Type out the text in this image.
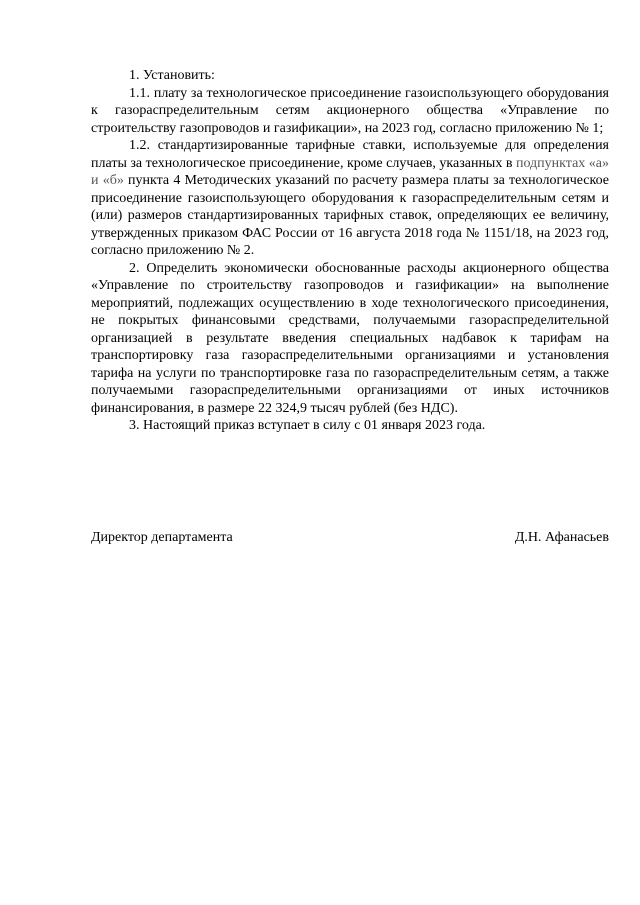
1. Установить:

1.1. плату за технологическое присоединение газоиспользующего оборудования к газораспределительным сетям акционерного общества «Управление по строительству газопроводов и газификации», на 2023 год, согласно приложению № 1;

1.2. стандартизированные тарифные ставки, используемые для определения платы за технологическое присоединение, кроме случаев, указанных в подпунктах «а» и «б» пункта 4 Методических указаний по расчету размера платы за технологическое присоединение газоиспользующего оборудования к газораспределительным сетям и (или) размеров стандартизированных тарифных ставок, определяющих ее величину, утвержденных приказом ФАС России от 16 августа 2018 года № 1151/18, на 2023 год, согласно приложению № 2.

2. Определить экономически обоснованные расходы акционерного общества «Управление по строительству газопроводов и газификации» на выполнение мероприятий, подлежащих осуществлению в ходе технологического присоединения, не покрытых финансовыми средствами, получаемыми газораспределительной организацией в результате введения специальных надбавок к тарифам на транспортировку газа газораспределительными организациями и установления тарифа на услуги по транспортировке газа по газораспределительным сетям, а также получаемыми газораспределительными организациями от иных источников финансирования, в размере 22 324,9 тысяч рублей (без НДС).

3. Настоящий приказ вступает в силу с 01 января 2023 года.

Директор департамента	Д.Н. Афанасьев
